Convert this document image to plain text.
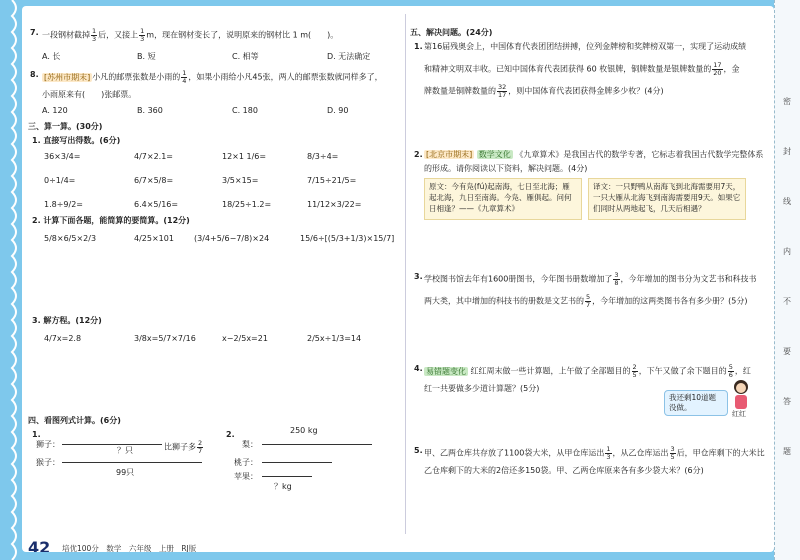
7. 一段钢材截掉 $\frac{1}{3}$ 后，又接上 $\frac{1}{3}$ m，现在钢材变长了，说明原来的钢材比 1 m(　　)。
A. 长	B. 短	C. 相等	D. 无法确定
8. [苏州市期末] 小凡的邮票张数是小雨的 $\frac{1}{4}$ ，如果小雨给小凡45张，两人的邮票张数就同样多了，
小雨原来有(　　)张邮票。
A. 120	B. 360	C. 180	D. 90
三、算一算。(30分)
1. 直接写出得数。(6分)
36×3/4=	4/7×2.1=	12×1 1/6=	8/3÷4=
0÷1/4=	6/7×5/8=	3/5×15=	7/15÷21/5=
1.8÷9/2=	6.4×5/16=	18/25÷1.2=	11/12×3/22=
2. 计算下面各题，能简算的要简算。(12分)
5/8×6/5×2/3	4/25×101	(3/4+5/6−7/8)×24	15/6÷[(5/3+1/3)×15/7]
3. 解方程。(12分)
4/7x=2.8	3/8x=5/7×7/16	x−2/5x=21	2/5x÷1/3=14
四、看图列式计算。(6分)
1.
狮子：
？只	比狮子多 $\frac{2}{7}$
猴子：
99只
2.	250 kg
梨：
桃子：
苹果：
？kg
五、解决问题。(24分)
1. 第16届残奥会上，中国体育代表团团结拼搏，位列金牌榜和奖牌榜双第一，实现了运动成绩
和精神文明双丰收。已知中国体育代表团获得 60 枚银牌，铜牌数量是银牌数量的 $\frac{17}{20}$ ，金
牌数量是铜牌数量的 $\frac{32}{17}$ ，则中国体育代表团获得金牌多少枚？(4分)
2. [北京市期末] 数学文化 《九章算术》是我国古代的数学专著，它标志着我国古代数学完整体系
的形成。请你阅读以下资料，解决问题。(4分)
原文：今有凫(fú)起南海，七日至北海；雁起北海，九日至南海。今凫、雁俱起。问何日相逢？——《九章算术》
译文：一只野鸭从南海飞到北海需要用7天，一只大雁从北海飞到南海需要用9天。如果它们同时从两地起飞，几天后相遇？
3. 学校图书馆去年有1600册图书，今年图书册数增加了 $\frac{3}{8}$ ，今年增加的图书分为文艺书和科技书
两大类，其中增加的科技书的册数是文艺书的 $\frac{5}{7}$ ，今年增加的这两类图书各有多少册？(5分)
4. 易错题变化 红红周末做一些计算题，上午做了全部题目的 $\frac{2}{5}$ ，下午又做了余下题目的 $\frac{5}{6}$ ，红
红一共要做多少道计算题？(5分)
我还剩10道题没做。
红红
5. 甲、乙两仓库共存放了1100袋大米，从甲仓库运出 $\frac{1}{3}$ ，从乙仓库运出 $\frac{3}{5}$ 后，甲仓库剩下的大米比
乙仓库剩下的大米的2倍还多150袋。甲、乙两仓库原来各有多少袋大米？(6分)
42 培优100分　数学　六年级　上册　RJ版
密
封
线
内
不
要
答
题
